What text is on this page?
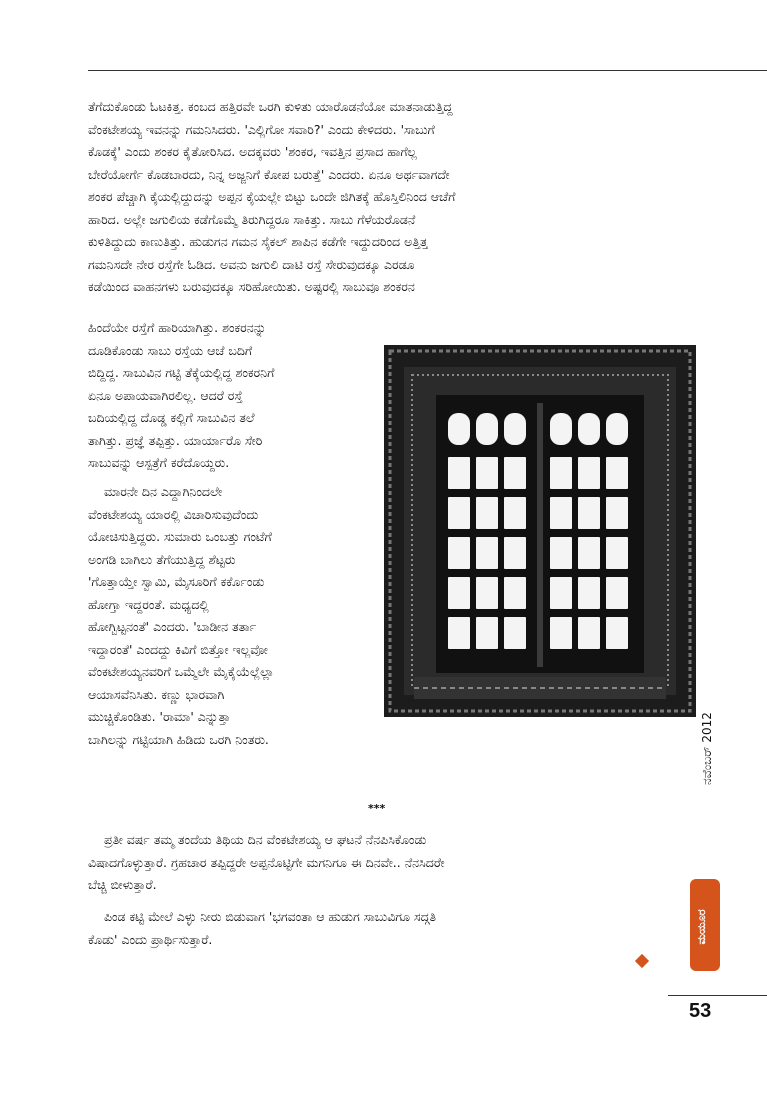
ತೆಗೆದುಕೊಂಡು ಓಟಕಿತ್ತ. ಕಂಬದ ಹತ್ತಿರವೇ ಒರಗಿ ಕುಳಿತು ಯಾರೊಡನೆಯೋ ಮಾತನಾಡುತ್ತಿದ್ದ
ವೆಂಕಟೇಶಯ್ಯ ಇವನನ್ನು ಗಮನಿಸಿದರು. 'ಎಲ್ಲಿಗೋ ಸವಾರಿ?' ಎಂದು ಕೇಳಿದರು. 'ಸಾಬುಗೆ
ಕೊಡಕ್ಕೆ' ಎಂದು ಶಂಕರ ಕೈತೋರಿಸಿದ. ಅದಕ್ಕವರು 'ಶಂಕರ, ಇವತ್ತಿನ ಪ್ರಸಾದ ಹಾಗೆಲ್ಲ
ಬೇರೆಯೋರ್ಗೆ ಕೊಡಬಾರದು, ನಿನ್ನ ಅಜ್ಜನಿಗೆ ಕೋಪ ಬರುತ್ತೆ' ಎಂದರು. ಏನೂ ಅರ್ಥವಾಗದೇ
ಶಂಕರ ಪೆಚ್ಚಾಗಿ ಕೈಯಲ್ಲಿದ್ದುದನ್ನು ಅಪ್ಪನ ಕೈಯಲ್ಲೇ ಬಿಟ್ಟು ಒಂದೇ ಜಿಗಿತಕ್ಕೆ ಹೊಸ್ತಿಲಿನಿಂದ ಆಚೆಗೆ
ಹಾರಿದ. ಅಲ್ಲೇ ಜಗುಲಿಯ ಕಡೆಗೊಮ್ಮೆ ತಿರುಗಿದ್ದರೂ ಸಾಕಿತ್ತು. ಸಾಬು ಗೆಳೆಯರೊಡನೆ
ಕುಳಿತಿದ್ದುದು ಕಾಣುತಿತ್ತು. ಹುಡುಗನ ಗಮನ ಸೈಕಲ್ ಶಾಪಿನ ಕಡೆಗೇ ಇದ್ದುದರಿಂದ ಅತ್ತಿತ್ತ
ಗಮನಿಸದೇ ನೇರ ರಸ್ತೆಗೇ ಓಡಿದ. ಅವನು ಜಗುಲಿ ದಾಟಿ ರಸ್ತೆ ಸೇರುವುದಕ್ಕೂ ಎರಡೂ
ಕಡೆಯಿಂದ ವಾಹನಗಳು ಬರುವುದಕ್ಕೂ ಸರಿಹೋಯಿತು. ಅಷ್ಟರಲ್ಲಿ ಸಾಬುವೂ ಶಂಕರನ
ಹಿಂದೆಯೇ ರಸ್ತೆಗೆ ಹಾರಿಯಾಗಿತ್ತು. ಶಂಕರನನ್ನು
ದೂಡಿಕೊಂಡು ಸಾಬು ರಸ್ತೆಯ ಆಚೆ ಬದಿಗೆ
ಬಿದ್ದಿದ್ದ. ಸಾಬುವಿನ ಗಟ್ಟಿ ತೆಕ್ಕೆಯಲ್ಲಿದ್ದ ಶಂಕರನಿಗೆ
ಏನೂ ಅಪಾಯವಾಗಿರಲಿಲ್ಲ. ಆದರೆ ರಸ್ತೆ
ಬದಿಯಲ್ಲಿದ್ದ ದೊಡ್ಡ ಕಲ್ಲಿಗೆ ಸಾಬುವಿನ ತಲೆ
ತಾಗಿತ್ತು. ಪ್ರಜ್ಞೆ ತಪ್ಪಿತ್ತು. ಯಾರ್ಯಾರೊ ಸೇರಿ
ಸಾಬುವನ್ನು ಆಸ್ಪತ್ರೆಗೆ ಕರೆದೊಯ್ದರು.
ಮಾರನೇ ದಿನ ಎದ್ದಾಗಿನಿಂದಲೇ
ವೆಂಕಟೇಶಯ್ಯ ಯಾರಲ್ಲಿ ವಿಚಾರಿಸುವುದೆಂದು
ಯೋಚಿಸುತ್ತಿದ್ದರು. ಸುಮಾರು ಒಂಬತ್ತು ಗಂಟೆಗೆ
ಅಂಗಡಿ ಬಾಗಿಲು ತೆಗೆಯುತ್ತಿದ್ದ ಶೆಟ್ಟರು
'ಗೊತ್ತಾಯ್ತೇ ಸ್ವಾಮಿ, ಮೈಸೂರಿಗೆ ಕರ್ಕೊಂಡು
ಹೋಗ್ತಾ ಇದ್ದರಂತೆ. ಮಧ್ಯದಲ್ಲಿ
ಹೋಗ್ಬಿಟ್ಟನಂತೆ' ಎಂದರು. 'ಬಾಡೀನ ತರ್ತಾ
ಇದ್ದಾರಂತೆ' ಎಂದದ್ದು ಕಿವಿಗೆ ಬಿತ್ತೋ ಇಲ್ಲವೋ
ವೆಂಕಟೇಶಯ್ಯನವರಿಗೆ ಒಮ್ಮೆಲೇ ಮೈಕೈಯೆಲ್ಲೆಲ್ಲಾ
ಆಯಾಸವೆನಿಸಿತು. ಕಣ್ಣು ಭಾರವಾಗಿ
ಮುಚ್ಚಿಕೊಂಡಿತು. 'ರಾಮಾ' ಎನ್ನುತ್ತಾ
ಬಾಗಿಲನ್ನು ಗಟ್ಟಿಯಾಗಿ ಹಿಡಿದು ಒರಗಿ ನಿಂತರು.
***
ಪ್ರತೀ ವರ್ಷ ತಮ್ಮ ತಂದೆಯ ತಿಥಿಯ ದಿನ ವೆಂಕಟೇಶಯ್ಯ ಆ ಘಟನೆ ನೆನಪಿಸಿಕೊಂಡು
ವಿಷಾದಗೊಳ್ಳುತ್ತಾರೆ. ಗ್ರಹಚಾರ ತಪ್ಪಿದ್ದರೇ ಅಪ್ಪನೊಟ್ಟಿಗೇ ಮಗನಿಗೂ ಈ ದಿನವೇ.. ನೆನಸಿದರೇ
ಬೆಚ್ಚಿ ಬೀಳುತ್ತಾರೆ.
ಪಿಂಡ ಕಟ್ಟಿ ಮೇಲೆ ಎಳ್ಳು ನೀರು ಬಿಡುವಾಗ 'ಭಗವಂತಾ ಆ ಹುಡುಗ ಸಾಬುವಿಗೂ ಸದ್ಗತಿ
ಕೊಡು' ಎಂದು ಪ್ರಾರ್ಥಿಸುತ್ತಾರೆ.
ನವೆಂಬರ್ 2012
ಮಯೂರ
53
